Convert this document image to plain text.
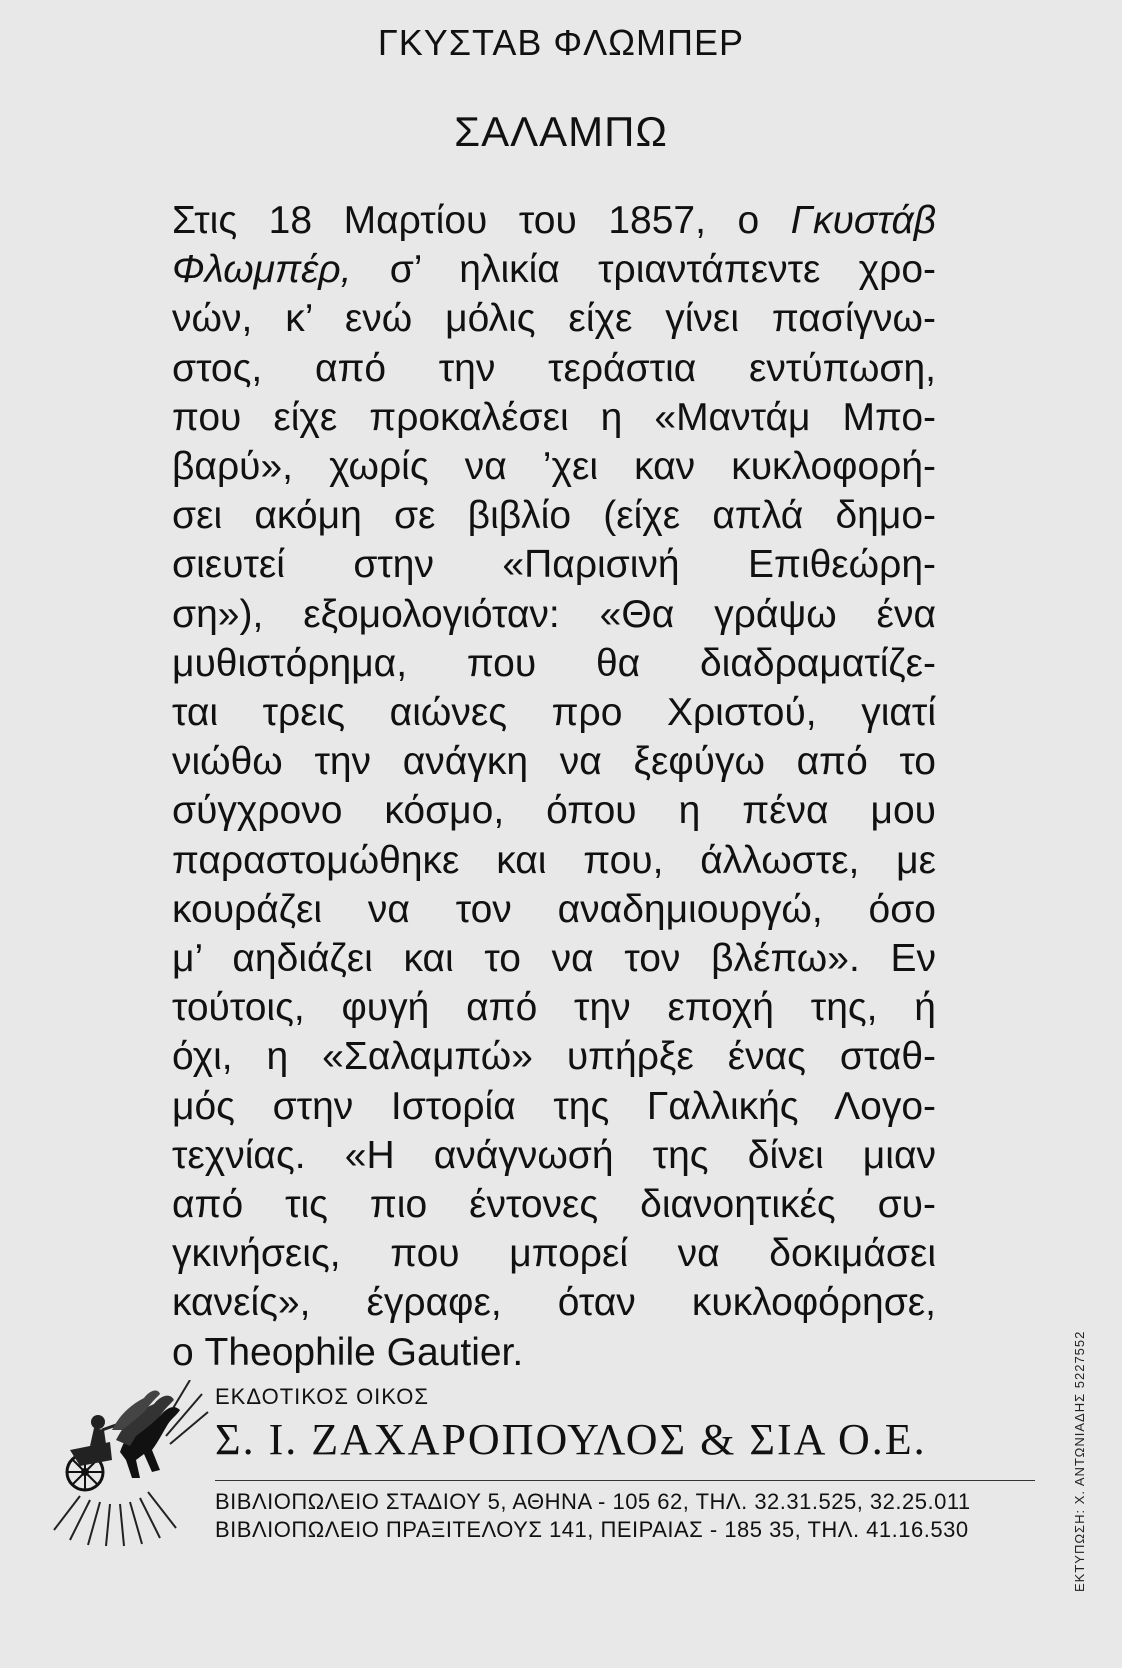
ΓΚΥΣΤΑΒ ΦΛΩΜΠΕΡ
ΣΑΛΑΜΠΩ
Στις 18 Μαρτίου του 1857, ο Γκυστάβ
Φλωμπέρ, σ’ ηλικία τριαντάπεντε χρο-
νών, κ’ ενώ μόλις είχε γίνει πασίγνω-
στος, από την τεράστια εντύπωση,
που είχε προκαλέσει η «Μαντάμ Μπο-
βαρύ», χωρίς να ’χει καν κυκλοφορή-
σει ακόμη σε βιβλίο (είχε απλά δημο-
σιευτεί στην «Παρισινή Επιθεώρη-
ση»), εξομολογιόταν: «Θα γράψω ένα
μυθιστόρημα, που θα διαδραματίζε-
ται τρεις αιώνες προ Χριστού, γιατί
νιώθω την ανάγκη να ξεφύγω από το
σύγχρονο κόσμο, όπου η πένα μου
παραστομώθηκε και που, άλλωστε, με
κουράζει να τον αναδημιουργώ, όσο
μ’ αηδιάζει και το να τον βλέπω». Εν
τούτοις, φυγή από την εποχή της, ή
όχι, η «Σαλαμπώ» υπήρξε ένας σταθ-
μός στην Ιστορία της Γαλλικής Λογο-
τεχνίας. «Η ανάγνωσή της δίνει μιαν
από τις πιο έντονες διανοητικές συ-
γκινήσεις, που μπορεί να δοκιμάσει
κανείς», έγραφε, όταν κυκλοφόρησε,
ο Theophile Gautier.
ΕΚΔΟΤΙΚΟΣ ΟΙΚΟΣ
Σ. Ι. ΖΑΧΑΡΟΠΟΥΛΟΣ & ΣΙΑ Ο.Ε.
ΒΙΒΛΙΟΠΩΛΕΙΟ ΣΤΑΔΙΟΥ 5, ΑΘΗΝΑ - 105 62, ΤΗΛ. 32.31.525, 32.25.011
ΒΙΒΛΙΟΠΩΛΕΙΟ ΠΡΑΞΙΤΕΛΟΥΣ 141, ΠΕΙΡΑΙΑΣ - 185 35, ΤΗΛ. 41.16.530	ΕΚΤΥΠΩΣΗ: Χ. ΑΝΤΩΝΙΑΔΗΣ 5227552
